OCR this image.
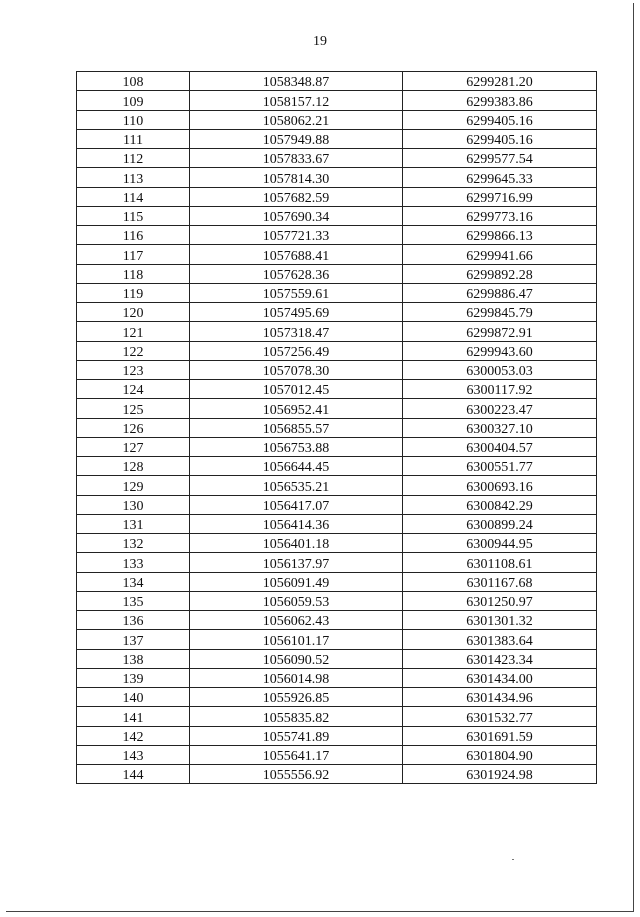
19
108	1058348.87	6299281.20
109	1058157.12	6299383.86
110	1058062.21	6299405.16
111	1057949.88	6299405.16
112	1057833.67	6299577.54
113	1057814.30	6299645.33
114	1057682.59	6299716.99
115	1057690.34	6299773.16
116	1057721.33	6299866.13
117	1057688.41	6299941.66
118	1057628.36	6299892.28
119	1057559.61	6299886.47
120	1057495.69	6299845.79
121	1057318.47	6299872.91
122	1057256.49	6299943.60
123	1057078.30	6300053.03
124	1057012.45	6300117.92
125	1056952.41	6300223.47
126	1056855.57	6300327.10
127	1056753.88	6300404.57
128	1056644.45	6300551.77
129	1056535.21	6300693.16
130	1056417.07	6300842.29
131	1056414.36	6300899.24
132	1056401.18	6300944.95
133	1056137.97	6301108.61
134	1056091.49	6301167.68
135	1056059.53	6301250.97
136	1056062.43	6301301.32
137	1056101.17	6301383.64
138	1056090.52	6301423.34
139	1056014.98	6301434.00
140	1055926.85	6301434.96
141	1055835.82	6301532.77
142	1055741.89	6301691.59
143	1055641.17	6301804.90
144	1055556.92	6301924.98
